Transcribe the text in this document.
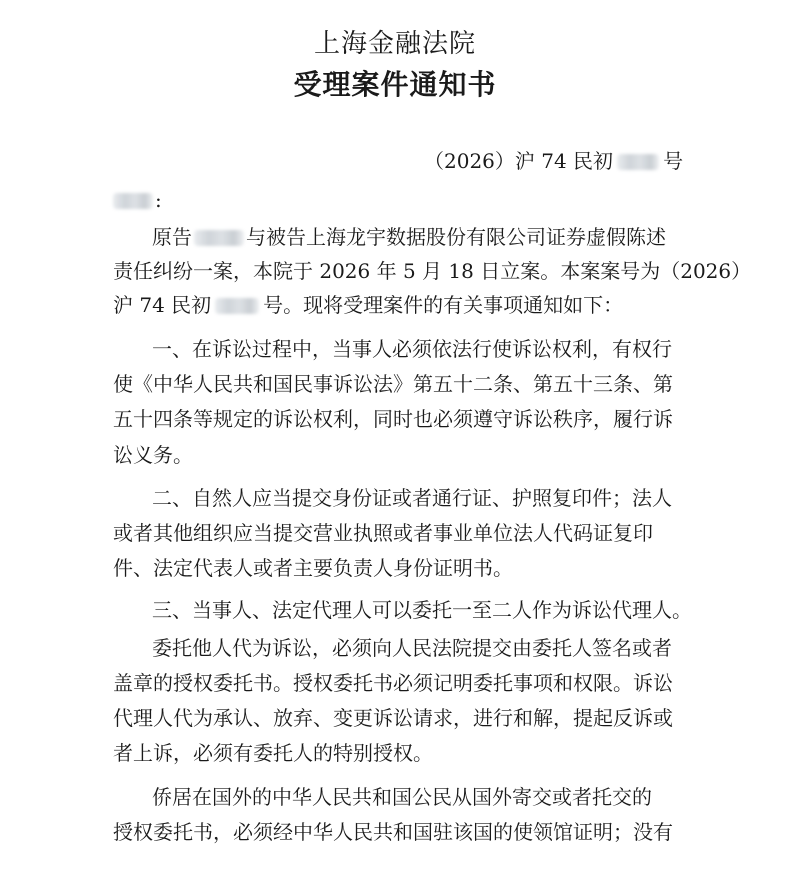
上海金融法院
受理案件通知书
（2026）沪 74 民初	号
:
原告	与被告上海龙宇数据股份有限公司证券虚假陈述
责任纠纷一案，本院于 2026 年 5 月 18 日立案。本案案号为（2026）
沪 74 民初	号。现将受理案件的有关事项通知如下：
一、在诉讼过程中，当事人必须依法行使诉讼权利，有权行
使《中华人民共和国民事诉讼法》第五十二条、第五十三条、第
五十四条等规定的诉讼权利，同时也必须遵守诉讼秩序，履行诉
讼义务。
二、自然人应当提交身份证或者通行证、护照复印件；法人
或者其他组织应当提交营业执照或者事业单位法人代码证复印
件、法定代表人或者主要负责人身份证明书。
三、当事人、法定代理人可以委托一至二人作为诉讼代理人。
委托他人代为诉讼，必须向人民法院提交由委托人签名或者
盖章的授权委托书。授权委托书必须记明委托事项和权限。诉讼
代理人代为承认、放弃、变更诉讼请求，进行和解，提起反诉或
者上诉，必须有委托人的特别授权。
侨居在国外的中华人民共和国公民从国外寄交或者托交的
授权委托书，必须经中华人民共和国驻该国的使领馆证明；没有
